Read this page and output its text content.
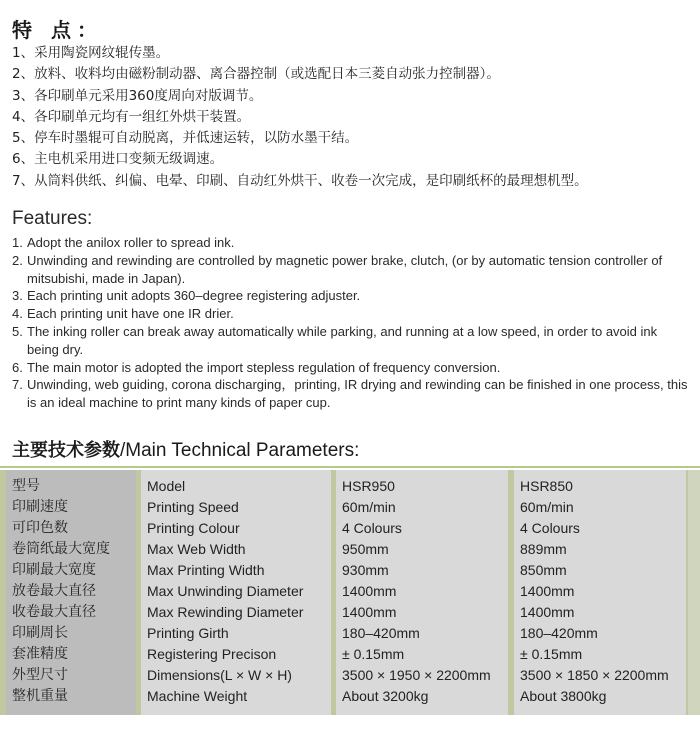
特 点：
1、采用陶瓷网纹辊传墨。
2、放料、收料均由磁粉制动器、离合器控制（或选配日本三菱自动张力控制器）。
3、各印刷单元采用360度周向对版调节。
4、各印刷单元均有一组红外烘干装置。
5、停车时墨辊可自动脱离，并低速运转，以防水墨干结。
6、主电机采用进口变频无级调速。
7、从筒料供纸、纠偏、电晕、印刷、自动红外烘干、收卷一次完成，是印刷纸杯的最理想机型。
Features:
1. Adopt the anilox roller to spread ink.
2. Unwinding and rewinding are controlled by magnetic power brake, clutch, (or by automatic tension controller of mitsubishi, made in Japan).
3. Each printing unit adopts 360–degree registering adjuster.
4. Each printing unit have one IR drier.
5. The inking roller can break away automatically while parking, and running at a low speed, in order to avoid ink being dry.
6. The main motor is adopted the import stepless regulation of frequency conversion.
7. Unwinding, web guiding, corona discharging，printing, IR drying and rewinding can be finished in one process, this is an ideal machine to print many kinds of paper cup.
主要技术参数/Main Technical Parameters:
型号
印刷速度
可印色数
卷筒纸最大宽度
印刷最大宽度
放卷最大直径
收卷最大直径
印刷周长
套准精度
外型尺寸
整机重量
Model
Printing Speed
Printing Colour
Max Web Width
Max Printing Width
Max Unwinding Diameter
Max Rewinding Diameter
Printing Girth
Registering Precison
Dimensions(L × W × H)
Machine Weight
HSR950
60m/min
4 Colours
950mm
930mm
1400mm
1400mm
180–420mm
± 0.15mm
3500 × 1950 × 2200mm
About 3200kg
HSR850
60m/min
4 Colours
889mm
850mm
1400mm
1400mm
180–420mm
± 0.15mm
3500 × 1850 × 2200mm
About 3800kg
